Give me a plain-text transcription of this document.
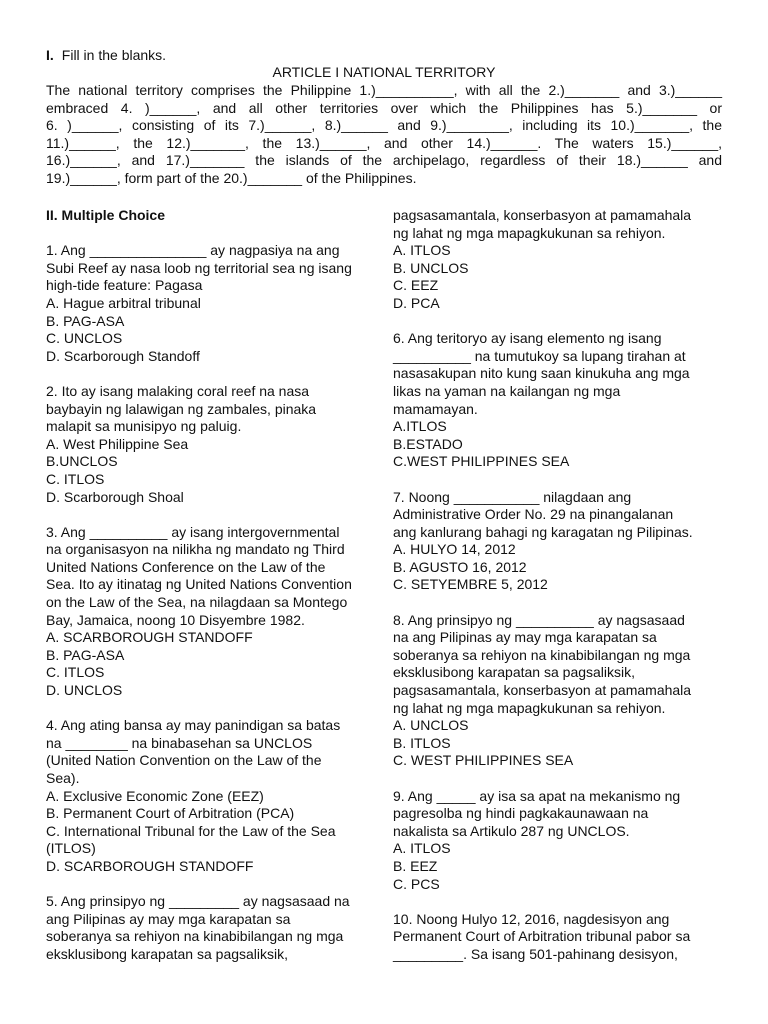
I. Fill in the blanks.
ARTICLE I NATIONAL TERRITORY
The national territory comprises the Philippine 1.)__________, with all the 2.)_______ and 3.)______
embraced 4. )______, and all other territories over which the Philippines has 5.)_______ or
6. )______, consisting of its 7.)______, 8.)______ and 9.)________, including its 10.)_______, the
11.)______, the 12.)_______, the 13.)______, and other 14.)______. The waters 15.)______,
16.)______, and 17.)_______ the islands of the archipelago, regardless of their 18.)______ and
19.)______, form part of the 20.)_______ of the Philippines.
II. Multiple Choice
1. Ang _______________ ay nagpasiya na ang
Subi Reef ay nasa loob ng territorial sea ng isang
high-tide feature: Pagasa
A. Hague arbitral tribunal
B. PAG-ASA
C. UNCLOS
D. Scarborough Standoff
2. Ito ay isang malaking coral reef na nasa
baybayin ng lalawigan ng zambales, pinaka
malapit sa munisipyo ng paluig.
A. West Philippine Sea
B.UNCLOS
C. ITLOS
D. Scarborough Shoal
3. Ang __________ ay isang intergovernmental
na organisasyon na nilikha ng mandato ng Third
United Nations Conference on the Law of the
Sea. Ito ay itinatag ng United Nations Convention
on the Law of the Sea, na nilagdaan sa Montego
Bay, Jamaica, noong 10 Disyembre 1982.
A. SCARBOROUGH STANDOFF
B. PAG-ASA
C. ITLOS
D. UNCLOS
4. Ang ating bansa ay may panindigan sa batas
na ________ na binabasehan sa UNCLOS
(United Nation Convention on the Law of the
Sea).
A. Exclusive Economic Zone (EEZ)
B. Permanent Court of Arbitration (PCA)
C. International Tribunal for the Law of the Sea
(ITLOS)
D. SCARBOROUGH STANDOFF
5. Ang prinsipyo ng _________ ay nagsasaad na
ang Pilipinas ay may mga karapatan sa
soberanya sa rehiyon na kinabibilangan ng mga
eksklusibong karapatan sa pagsaliksik,
pagsasamantala, konserbasyon at pamamahala
ng lahat ng mga mapagkukunan sa rehiyon.
A. ITLOS
B. UNCLOS
C. EEZ
D. PCA
6. Ang teritoryo ay isang elemento ng isang
__________ na tumutukoy sa lupang tirahan at
nasasakupan nito kung saan kinukuha ang mga
likas na yaman na kailangan ng mga
mamamayan.
A.ITLOS
B.ESTADO
C.WEST PHILIPPINES SEA
7. Noong ___________ nilagdaan ang
Administrative Order No. 29 na pinangalanan
ang kanlurang bahagi ng karagatan ng Pilipinas.
A. HULYO 14, 2012
B. AGUSTO 16, 2012
C. SETYEMBRE 5, 2012
8. Ang prinsipyo ng __________ ay nagsasaad
na ang Pilipinas ay may mga karapatan sa
soberanya sa rehiyon na kinabibilangan ng mga
eksklusibong karapatan sa pagsaliksik,
pagsasamantala, konserbasyon at pamamahala
ng lahat ng mga mapagkukunan sa rehiyon.
A. UNCLOS
B. ITLOS
C. WEST PHILIPPINES SEA
9. Ang _____ ay isa sa apat na mekanismo ng
pagresolba ng hindi pagkakaunawaan na
nakalista sa Artikulo 287 ng UNCLOS.
A. ITLOS
B. EEZ
C. PCS
10. Noong Hulyo 12, 2016, nagdesisyon ang
Permanent Court of Arbitration tribunal pabor sa
_________. Sa isang 501-pahinang desisyon,
